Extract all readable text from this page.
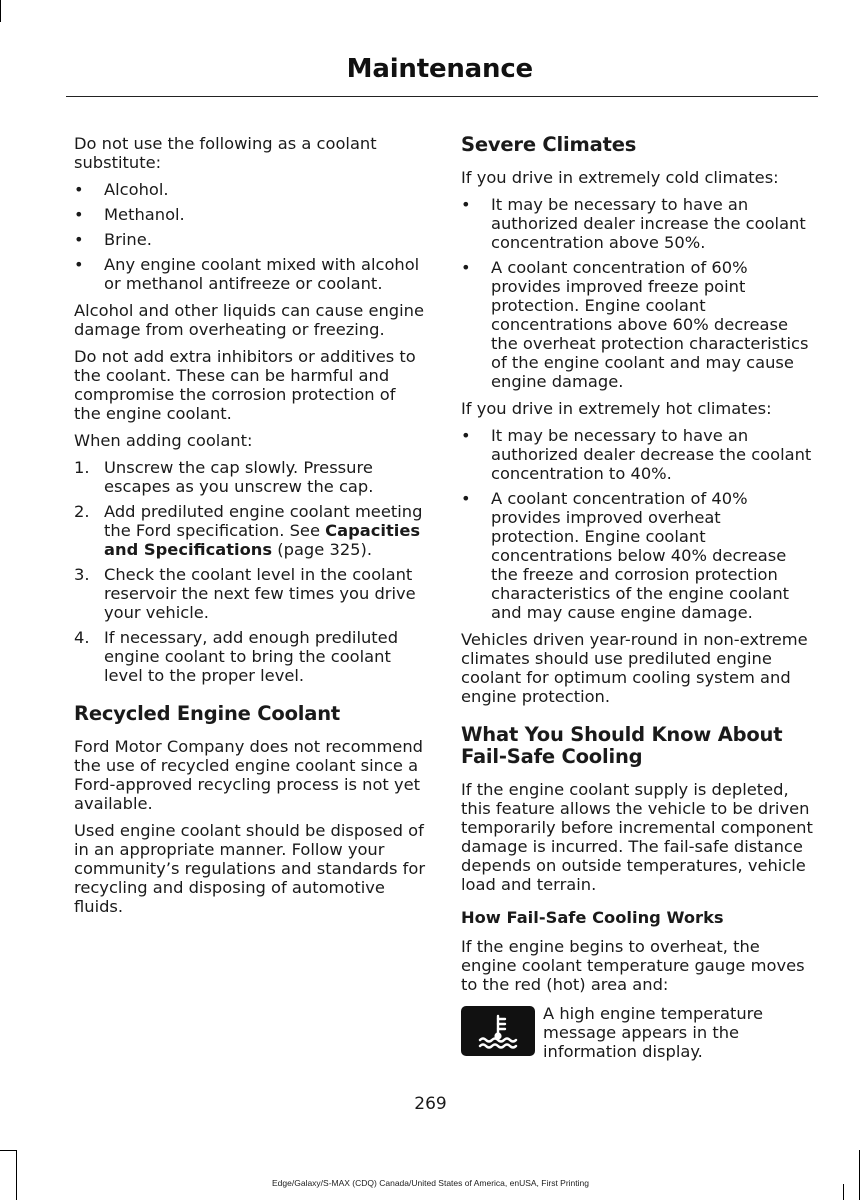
Maintenance

Do not use the following as a coolant substitute:

• Alcohol.
• Methanol.
• Brine.
• Any engine coolant mixed with alcohol or methanol antifreeze or coolant.

Alcohol and other liquids can cause engine damage from overheating or freezing.

Do not add extra inhibitors or additives to the coolant. These can be harmful and compromise the corrosion protection of the engine coolant.

When adding coolant:

1. Unscrew the cap slowly. Pressure escapes as you unscrew the cap.
2. Add prediluted engine coolant meeting the Ford specification. See Capacities and Specifications (page 325).
3. Check the coolant level in the coolant reservoir the next few times you drive your vehicle.
4. If necessary, add enough prediluted engine coolant to bring the coolant level to the proper level.
Recycled Engine Coolant

Ford Motor Company does not recommend the use of recycled engine coolant since a Ford-approved recycling process is not yet available.

Used engine coolant should be disposed of in an appropriate manner. Follow your community’s regulations and standards for recycling and disposing of automotive fluids.

Severe Climates

If you drive in extremely cold climates:

• It may be necessary to have an authorized dealer increase the coolant concentration above 50%.
• A coolant concentration of 60% provides improved freeze point protection. Engine coolant concentrations above 60% decrease the overheat protection characteristics of the engine coolant and may cause engine damage.

If you drive in extremely hot climates:

• It may be necessary to have an authorized dealer decrease the coolant concentration to 40%.
• A coolant concentration of 40% provides improved overheat protection. Engine coolant concentrations below 40% decrease the freeze and corrosion protection characteristics of the engine coolant and may cause engine damage.

Vehicles driven year-round in non-extreme climates should use prediluted engine coolant for optimum cooling system and engine protection.

What You Should Know About Fail-Safe Cooling

If the engine coolant supply is depleted, this feature allows the vehicle to be driven temporarily before incremental component damage is incurred. The fail-safe distance depends on outside temperatures, vehicle load and terrain.

How Fail-Safe Cooling Works

If the engine begins to overheat, the engine coolant temperature gauge moves to the red (hot) area and:

A high engine temperature message appears in the information display.
269
Edge/Galaxy/S-MAX (CDQ) Canada/United States of America, enUSA, First Printing
